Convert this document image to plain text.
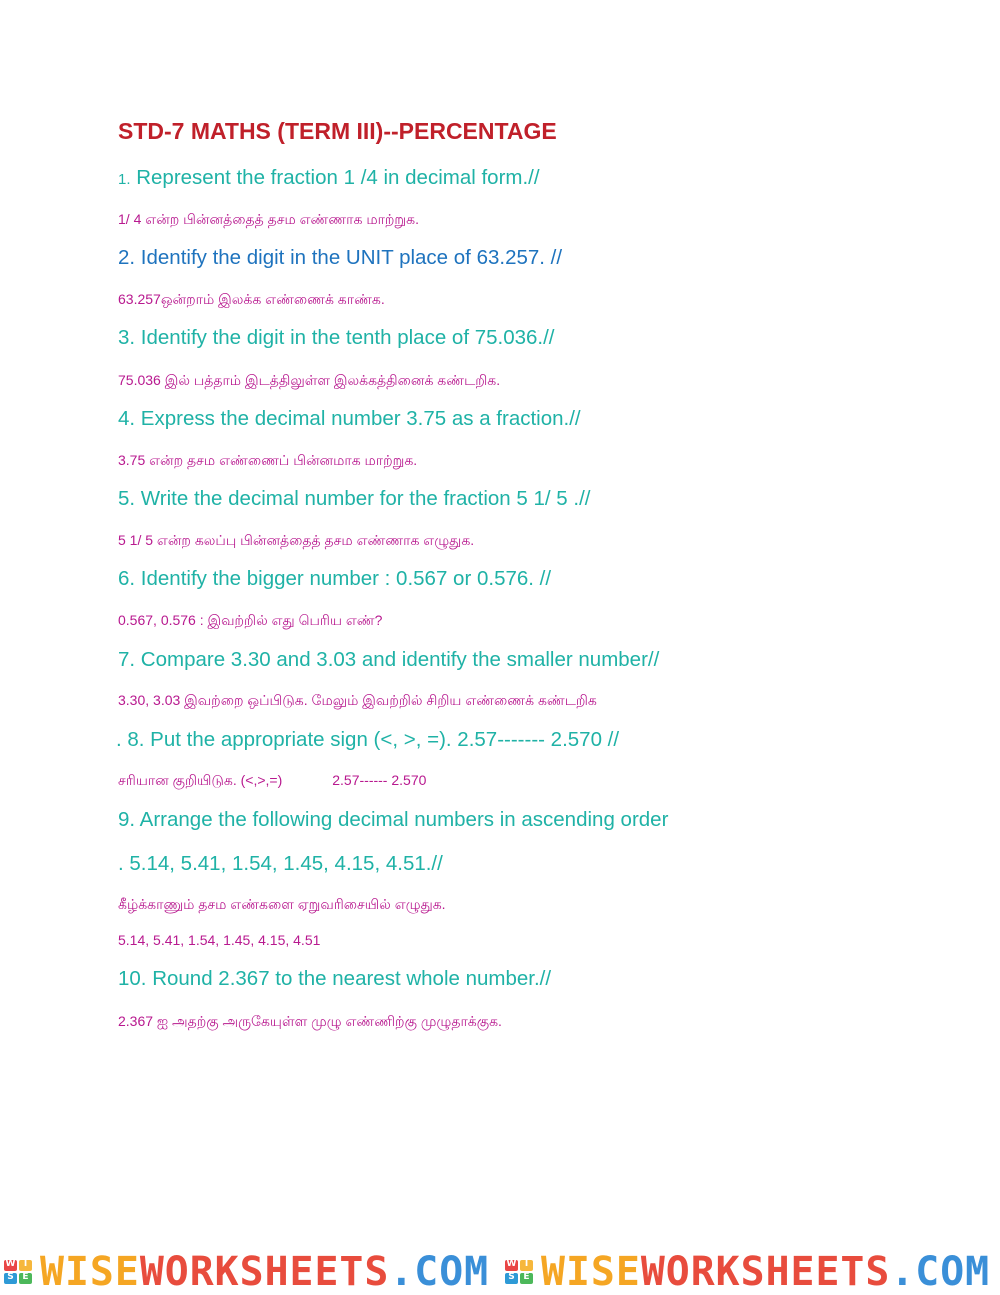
STD-7 MATHS (TERM III)--PERCENTAGE
1. Represent the fraction 1 /4 in decimal form.//
1/ 4 என்ற பின்னத்தைத் தசம எண்ணாக மாற்றுக.
2. Identify the digit in the UNIT place of 63.257. //
63.257ஒன்றாம் இலக்க எண்ணைக் காண்க.
3. Identify the digit in the tenth place of 75.036.//
75.036 இல் பத்தாம் இடத்திலுள்ள இலக்கத்தினைக் கண்டறிக.
4. Express the decimal number 3.75 as a fraction.//
3.75 என்ற தசம எண்ணைப் பின்னமாக மாற்றுக.
5. Write the decimal number for the fraction 5 1/ 5 .//
5 1/ 5 என்ற கலப்பு பின்னத்தைத் தசம எண்ணாக எழுதுக.
6. Identify the bigger number : 0.567 or 0.576. //
0.567, 0.576 : இவற்றில் எது பெரிய எண்?
7. Compare 3.30 and 3.03 and identify the smaller number//
3.30, 3.03 இவற்றை ஒப்பிடுக. மேலும் இவற்றில் சிறிய எண்ணைக் கண்டறிக
. 8. Put the appropriate sign (<, >, =). 2.57------- 2.570 //
சரியான குறியிடுக. (<,>,=)	2.57------ 2.570
9. Arrange the following decimal numbers in ascending order
. 5.14, 5.41, 1.54, 1.45, 4.15, 4.51.//
கீழ்க்காணும் தசம எண்களை ஏறுவரிசையில் எழுதுக.
5.14, 5.41, 1.54, 1.45, 4.15, 4.51
10. Round 2.367 to the nearest whole number.//
2.367 ஐ அதற்கு அருகேயுள்ள முழு எண்ணிற்கு முழுதாக்குக.
W I
S E WISEWORKSHEETS.COM W I
S E WISEWORKSHEETS.COM
